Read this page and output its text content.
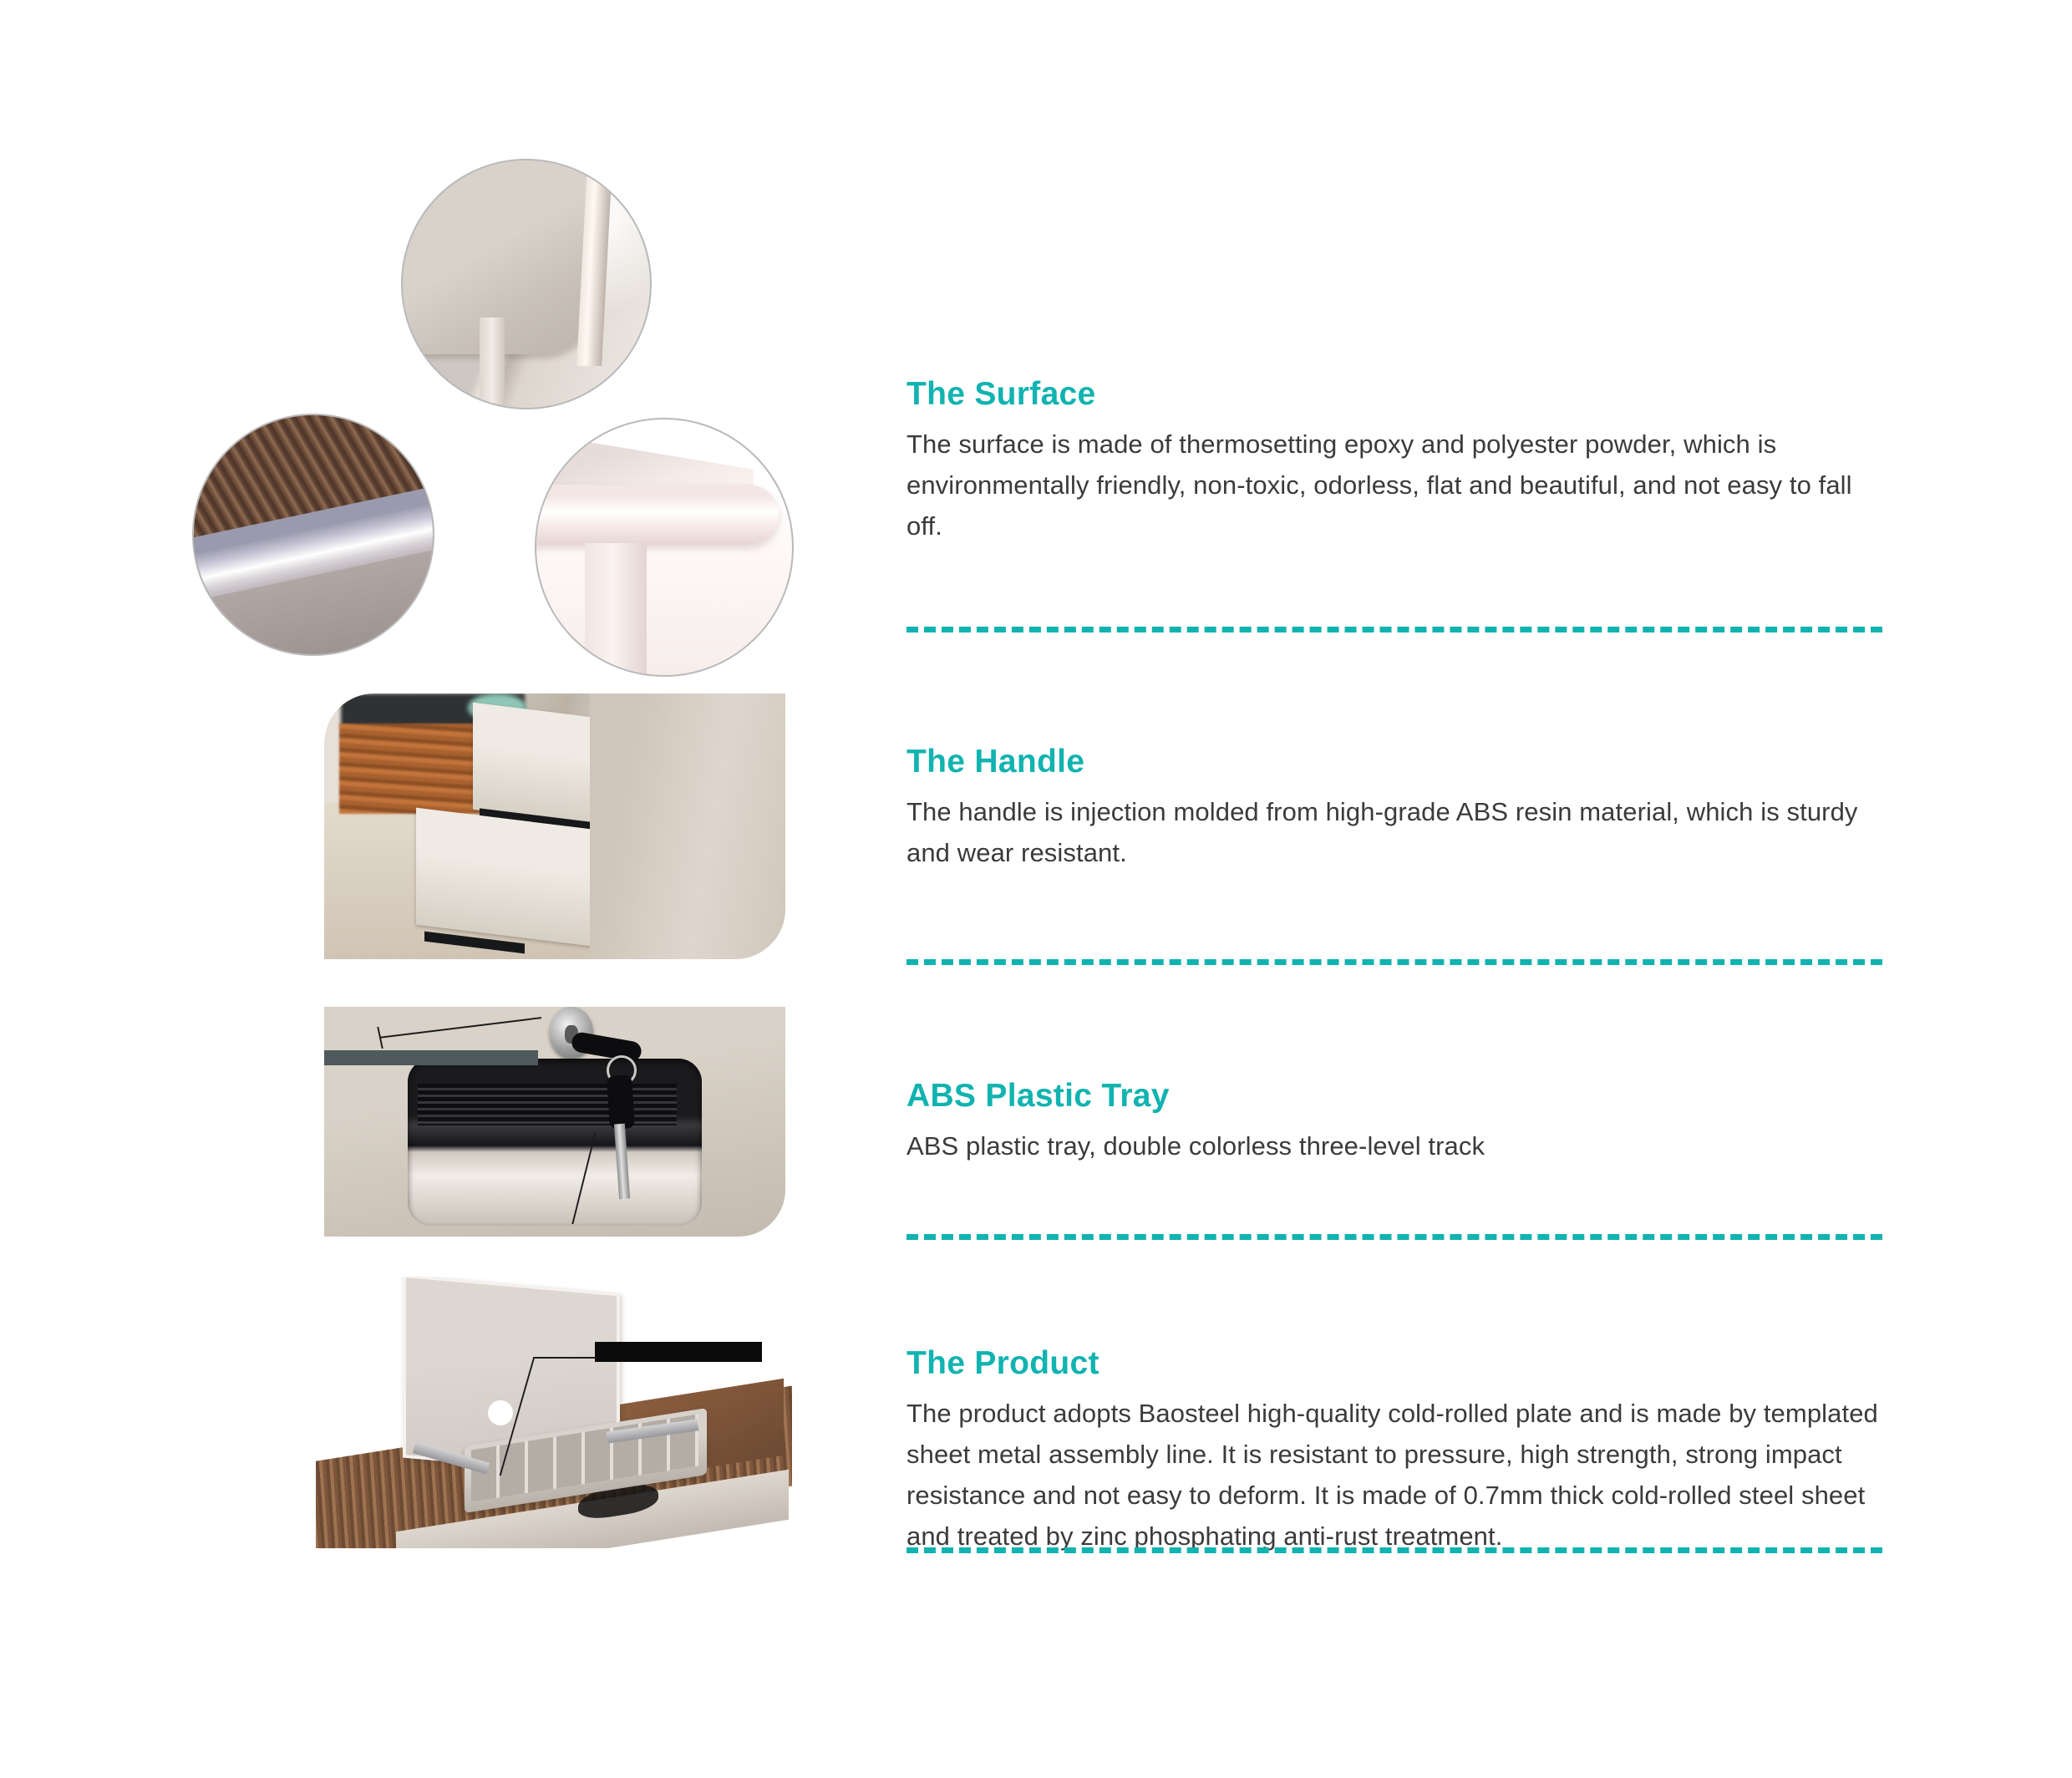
The Surface

The surface is made of thermosetting epoxy and polyester powder, which is environmentally friendly, non-toxic, odorless, flat and beautiful, and not easy to fall off.

The Handle

The handle is injection molded from high-grade ABS resin material, which is sturdy and wear resistant.

ABS Plastic Tray

ABS plastic tray, double colorless three-level track

The Product

The product adopts Baosteel high-quality cold-rolled plate and is made by templated sheet metal assembly line. It is resistant to pressure, high strength, strong impact resistance and not easy to deform. It is made of 0.7mm thick cold-rolled steel sheet and treated by zinc phosphating anti-rust treatment.
